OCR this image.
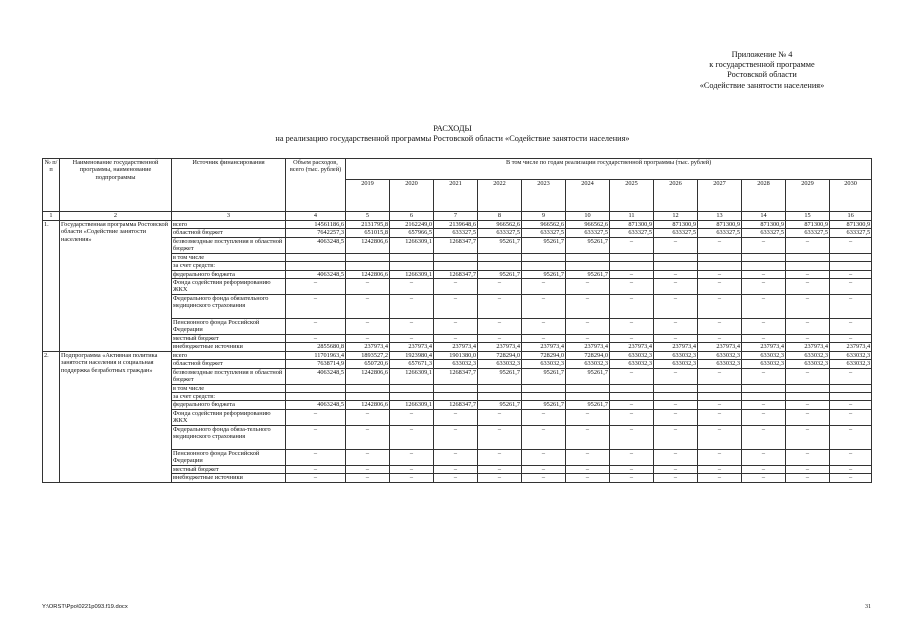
Приложение № 4
к государственной программе
Ростовской области
«Содействие занятости населения»
РАСХОДЫ
на реализацию государственной программы Ростовской области «Содействие занятости населения»
№ п/п	Наименование государственной программы, наименование подпрограммы	Источник финансирования	Объем расходов, всего (тыс. рублей)	В том числе по годам реализации государственной программы (тыс. рублей)											
				2019	2020	2021	2022	2023	2024	2025	2026	2027	2028	2029	2030
1	2	3	4	5	6	7	8	9	10	11	12	13	14	15	16
1.	Государственная программа Ростовской области «Содействие занятости населения»	всего	14561186,6	2131795,8	2162249,0	2139648,6	966562,6	966562,6	966562,6	871300,9	871300,9	871300,9	871300,9	871300,9	871300,9
		областной бюджет	7642257,3	651015,8	657966,5	633327,5	633327,5	633327,5	633327,5	633327,5	633327,5	633327,5	633327,5	633327,5	633327,5
		безвозмездные поступления в областной бюджет	4063248,5	1242806,6	1266309,1	1268347,7	95261,7	95261,7	95261,7	–	–	–	–	–	–
		в том числе													
		за счет средств:													
		федерального бюджета	4063248,5	1242806,6	1266309,1	1268347,7	95261,7	95261,7	95261,7	–	–	–	–	–	–
		Фонда содействия реформированию ЖКХ	–	–	–	–	–	–	–	–	–	–	–	–	–
		Федерального фонда обязательного медицинского страхования	–	–	–	–	–	–	–	–	–	–	–	–	–
		Пенсионного фонда Российской Федерации	–	–	–	–	–	–	–	–	–	–	–	–	–
		местный бюджет	–	–	–	–	–	–	–	–	–	–	–	–	–
		внебюджетные источники	2855680,8	237973,4	237973,4	237973,4	237973,4	237973,4	237973,4	237973,4	237973,4	237973,4	237973,4	237973,4	237973,4
2.	Подпрограмма «Активная политика занятости населения и социальная поддержка безработных граждан»	всего	11701963,4	1893527,2	1923980,4	1901380,0	728294,0	728294,0	728294,0	633032,3	633032,3	633032,3	633032,3	633032,3	633032,3
		областной бюджет	7638714,9	650720,6	657671,3	633032,3	633032,3	633032,3	633032,3	633032,3	633032,3	633032,3	633032,3	633032,3	633032,3
		безвозмездные поступления в областной бюджет	4063248,5	1242806,6	1266309,1	1268347,7	95261,7	95261,7	95261,7	–	–	–	–	–	–
		в том числе													
		за счет средств:													
		федерального бюджета	4063248,5	1242806,6	1266309,1	1268347,7	95261,7	95261,7	95261,7	–	–	–	–	–	–
		Фонда содействия реформированию ЖКХ	–	–	–	–	–	–	–	–	–	–	–	–	–
		Федерального фонда обяза-тельного медицинского страхования	–	–	–	–	–	–	–	–	–	–	–	–	–
		Пенсионного фонда Российской Федерации	–	–	–	–	–	–	–	–	–	–	–	–	–
		местный бюджет	–	–	–	–	–	–	–	–	–	–	–	–	–
		внебюджетные источники	–	–	–	–	–	–	–	–	–	–	–	–	–
Y:\ORST\Ppo\0221p093.f19.docx	31
